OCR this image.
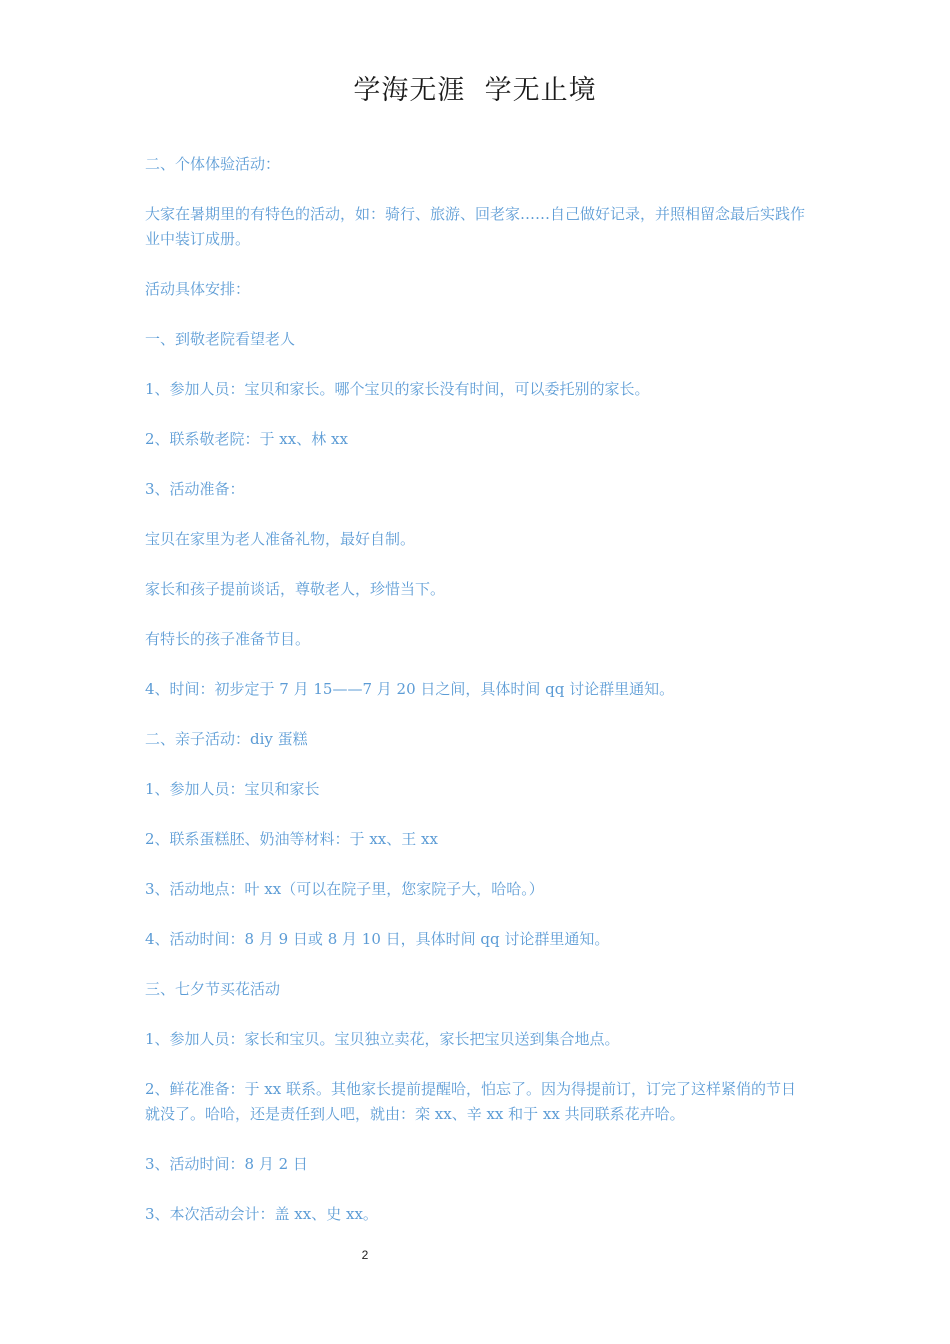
学海无涯  学无止境

二、个体体验活动：

大家在暑期里的有特色的活动，如：骑行、旅游、回老家……自己做好记录，并照相留念最后实践作业中装订成册。

活动具体安排：

一、到敬老院看望老人

1、参加人员：宝贝和家长。哪个宝贝的家长没有时间，可以委托别的家长。

2、联系敬老院：于 xx、林 xx

3、活动准备：

宝贝在家里为老人准备礼物，最好自制。

家长和孩子提前谈话，尊敬老人，珍惜当下。

有特长的孩子准备节目。

4、时间：初步定于 7 月 15——7 月 20 日之间，具体时间 qq 讨论群里通知。

二、亲子活动：diy 蛋糕

1、参加人员：宝贝和家长

2、联系蛋糕胚、奶油等材料：于 xx、王 xx

3、活动地点：叶 xx（可以在院子里，您家院子大，哈哈。）

4、活动时间：8 月 9 日或 8 月 10 日，具体时间 qq 讨论群里通知。

三、七夕节买花活动

1、参加人员：家长和宝贝。宝贝独立卖花，家长把宝贝送到集合地点。

2、鲜花准备：于 xx 联系。其他家长提前提醒哈，怕忘了。因为得提前订，订完了这样紧俏的节日就没了。哈哈，还是责任到人吧，就由：栾 xx、辛 xx 和于 xx 共同联系花卉哈。

3、活动时间：8 月 2 日

3、本次活动会计：盖 xx、史 xx。

2
